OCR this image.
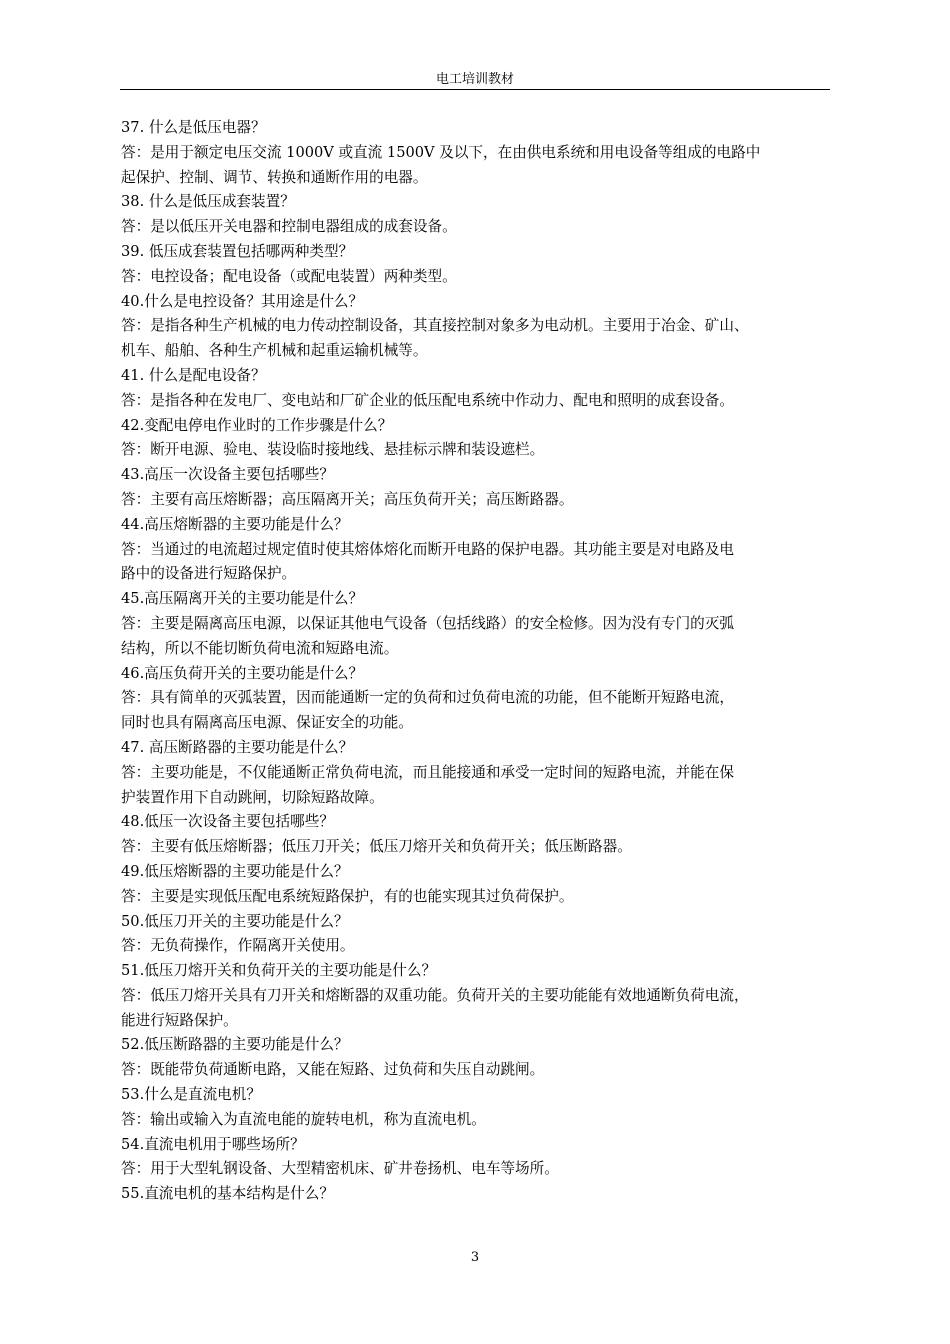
电工培训教材

37. 什么是低压电器？

答：是用于额定电压交流 1000V 或直流 1500V 及以下，在由供电系统和用电设备等组成的电路中

起保护、控制、调节、转换和通断作用的电器。

38. 什么是低压成套装置？

答：是以低压开关电器和控制电器组成的成套设备。

39. 低压成套装置包括哪两种类型？

答：电控设备；配电设备（或配电装置）两种类型。

40.什么是电控设备？其用途是什么？

答：是指各种生产机械的电力传动控制设备，其直接控制对象多为电动机。主要用于冶金、矿山、

机车、船舶、各种生产机械和起重运输机械等。

41. 什么是配电设备？

答：是指各种在发电厂、变电站和厂矿企业的低压配电系统中作动力、配电和照明的成套设备。

42.变配电停电作业时的工作步骤是什么？

答：断开电源、验电、装设临时接地线、悬挂标示牌和装设遮栏。

43.高压一次设备主要包括哪些？

答：主要有高压熔断器；高压隔离开关；高压负荷开关；高压断路器。

44.高压熔断器的主要功能是什么？

答：当通过的电流超过规定值时使其熔体熔化而断开电路的保护电器。其功能主要是对电路及电

路中的设备进行短路保护。

45.高压隔离开关的主要功能是什么？

答：主要是隔离高压电源，以保证其他电气设备（包括线路）的安全检修。因为没有专门的灭弧

结构，所以不能切断负荷电流和短路电流。

46.高压负荷开关的主要功能是什么？

答：具有简单的灭弧装置，因而能通断一定的负荷和过负荷电流的功能，但不能断开短路电流，

同时也具有隔离高压电源、保证安全的功能。

47. 高压断路器的主要功能是什么？

答：主要功能是，不仅能通断正常负荷电流，而且能接通和承受一定时间的短路电流，并能在保

护装置作用下自动跳闸，切除短路故障。

48.低压一次设备主要包括哪些？

答：主要有低压熔断器；低压刀开关；低压刀熔开关和负荷开关；低压断路器。

49.低压熔断器的主要功能是什么？

答：主要是实现低压配电系统短路保护，有的也能实现其过负荷保护。

50.低压刀开关的主要功能是什么？

答：无负荷操作，作隔离开关使用。

51.低压刀熔开关和负荷开关的主要功能是什么？

答：低压刀熔开关具有刀开关和熔断器的双重功能。负荷开关的主要功能能有效地通断负荷电流，

能进行短路保护。

52.低压断路器的主要功能是什么？

答：既能带负荷通断电路，又能在短路、过负荷和失压自动跳闸。

53.什么是直流电机？

答：输出或输入为直流电能的旋转电机，称为直流电机。

54.直流电机用于哪些场所？

答：用于大型轧钢设备、大型精密机床、矿井卷扬机、电车等场所。

55.直流电机的基本结构是什么？

3
